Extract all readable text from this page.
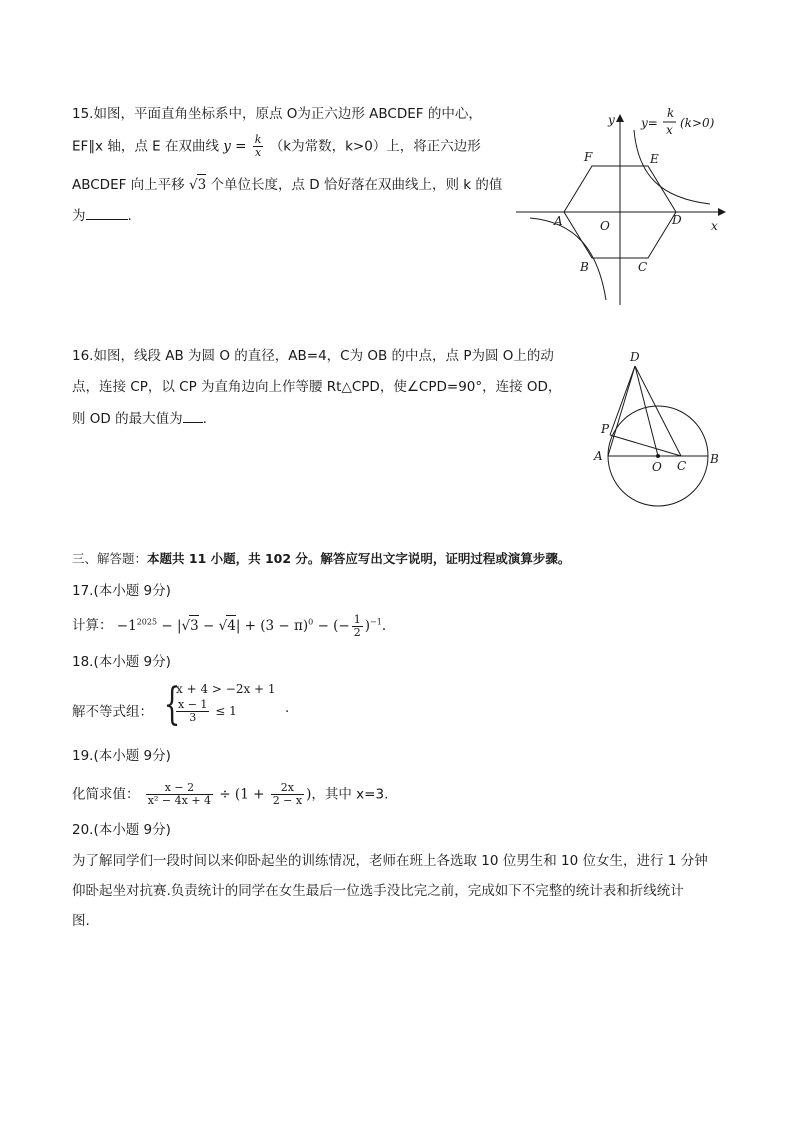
15.如图，平面直角坐标系中，原点 O为正六边形 ABCDEF 的中心，
EF∥x 轴，点 E 在双曲线 $y = \frac{k}{x} (k$为常数，k>0）上，将正六边形
ABCDEF 向上平移 √3 个单位长度，点 D 恰好落在双曲线上，则 k 的值
为	.
y
x
A
B	C
D
E
F
O
y=
k
x (k>0)
16.如图，线段 AB 为圆 O 的直径，AB=4，C为 OB 的中点，点 P为圆 O上的动
点，连接 CP，以 CP 为直角边向上作等腰 Rt△CPD，使∠CPD=90°，连接 OD，
则 OD 的最大值为 .
D
P
A
O C B
三、解答题：本题共 11 小题，共 102 分。解答应写出文字说明，证明过程或演算步骤。
17.(本小题 9分)
计算： $-1^{2025} - |√3 - √4| + (3 - \pi)^0$ − (− $\frac{1}{2} )^{-1}$.
18.(本小题 9分)
解不等式组： {
x + 4 > −2x + 1
$\frac{x - 1}{3} \le 1$	.
19.(本小题 9分)
化简求值： $\frac{x - 2}{\text{x² − 4x + 4}} \div (1 + \frac{2x}{2 - x}$ )，其中 x=3.
20.(本小题 9分)
为了解同学们一段时间以来仰卧起坐的训练情况，老师在班上各选取 10 位男生和 10 位女生，进行 1 分钟
仰卧起坐对抗赛.负责统计的同学在女生最后一位选手没比完之前，完成如下不完整的统计表和折线统计
图.
